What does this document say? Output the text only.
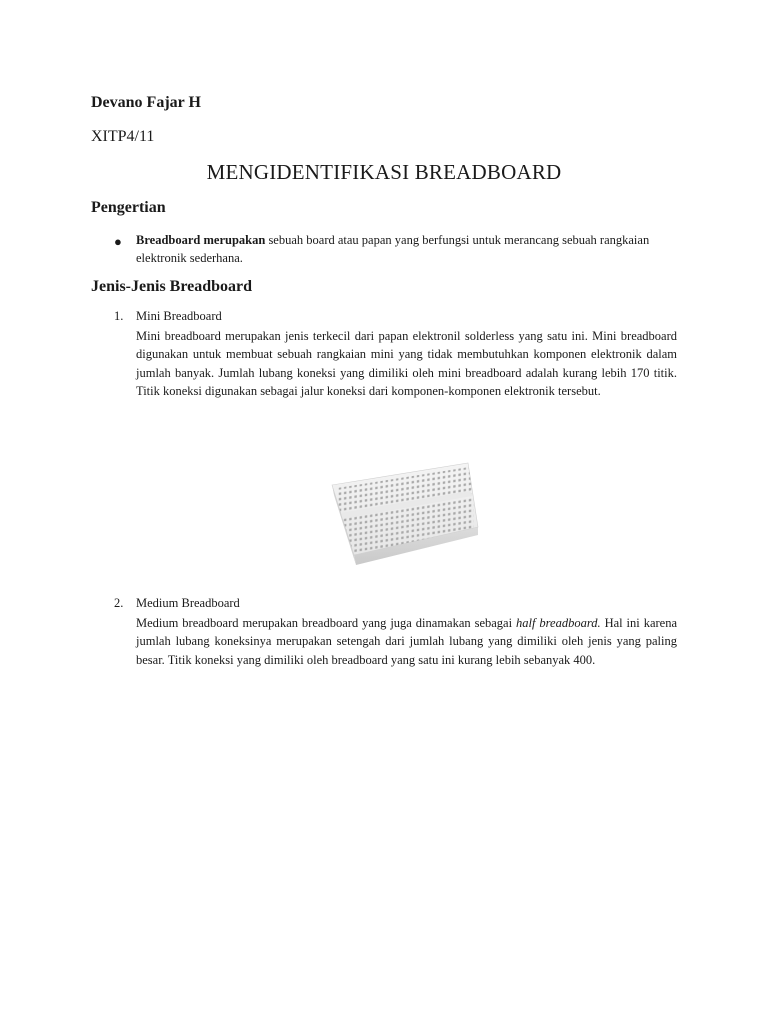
Devano Fajar H
XITP4/11
MENGIDENTIFIKASI BREADBOARD
Pengertian
● Breadboard merupakan sebuah board atau papan yang berfungsi untuk merancang sebuah rangkaian elektronik sederhana.
Jenis-Jenis Breadboard
1. Mini Breadboard
Mini breadboard merupakan jenis terkecil dari papan elektronil solderless yang satu ini. Mini breadboard digunakan untuk membuat sebuah rangkaian mini yang tidak membutuhkan komponen elektronik dalam jumlah banyak. Jumlah lubang koneksi yang dimiliki oleh mini breadboard adalah kurang lebih 170 titik. Titik koneksi digunakan sebagai jalur koneksi dari komponen-komponen elektronik tersebut.
2. Medium Breadboard
Medium breadboard merupakan breadboard yang juga dinamakan sebagai half breadboard. Hal ini karena jumlah lubang koneksinya merupakan setengah dari jumlah lubang yang dimiliki oleh jenis yang paling besar. Titik koneksi yang dimiliki oleh breadboard yang satu ini kurang lebih sebanyak 400.
